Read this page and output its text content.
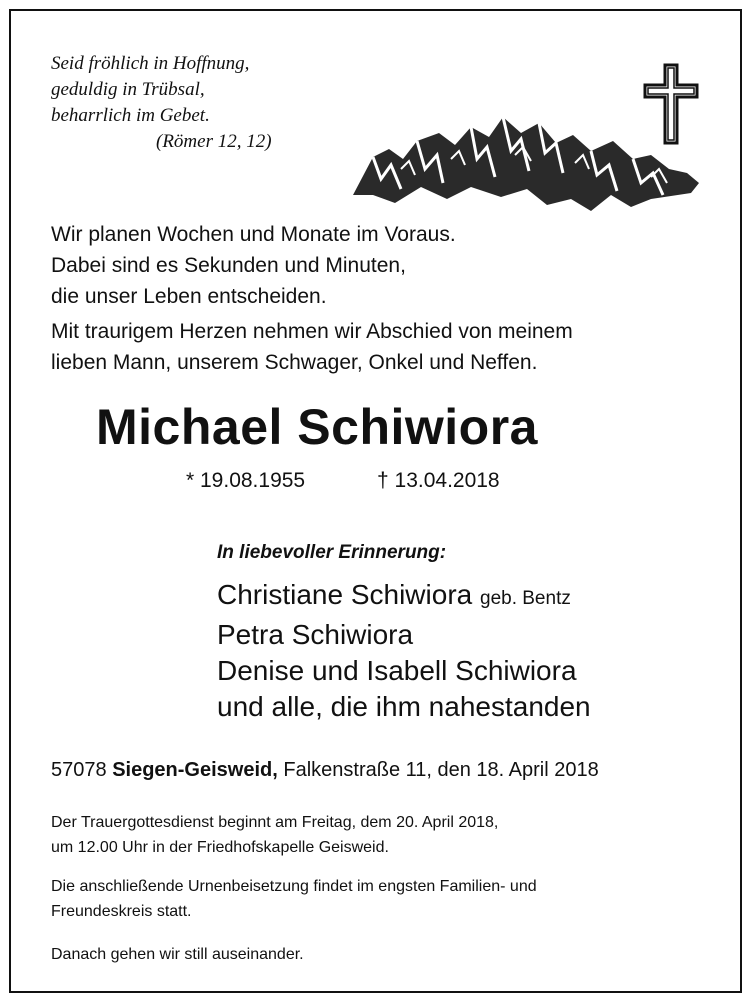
Seid fröhlich in Hoffnung,
geduldig in Trübsal,
beharrlich im Gebet.
(Römer 12, 12)
Wir planen Wochen und Monate im Voraus.
Dabei sind es Sekunden und Minuten,
die unser Leben entscheiden.
Mit traurigem Herzen nehmen wir Abschied von meinem
lieben Mann, unserem Schwager, Onkel und Neffen.
Michael Schiwiora
* 19.08.1955	† 13.04.2018
In liebevoller Erinnerung:
Christiane Schiwiora geb. Bentz
Petra Schiwiora
Denise und Isabell Schiwiora
und alle, die ihm nahestanden
57078 Siegen-Geisweid, Falkenstraße 11, den 18. April 2018
Der Trauergottesdienst beginnt am Freitag, dem 20. April 2018,
um 12.00 Uhr in der Friedhofskapelle Geisweid.
Die anschließende Urnenbeisetzung findet im engsten Familien- und
Freundeskreis statt.
Danach gehen wir still auseinander.
